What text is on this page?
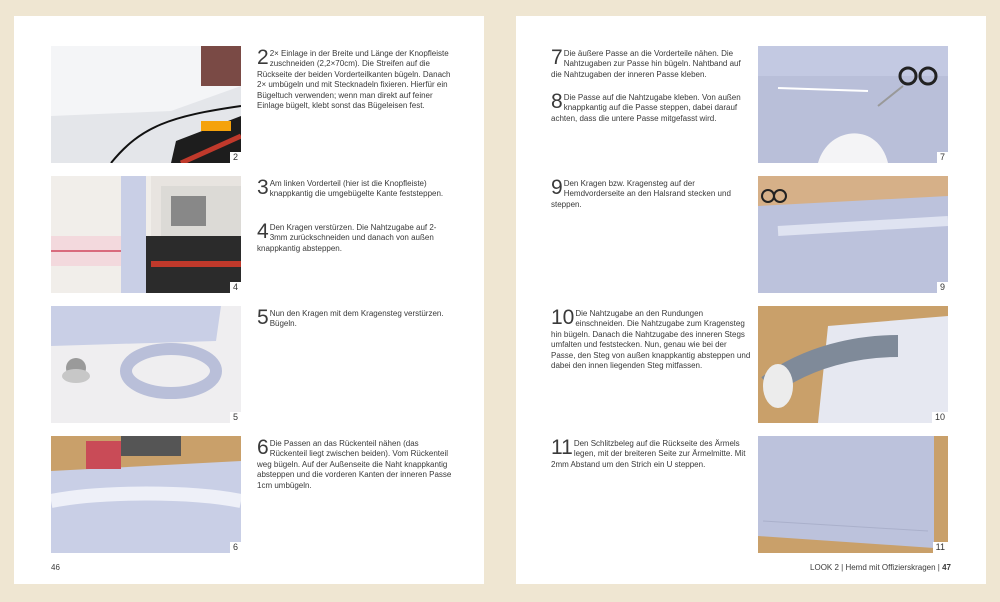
2
2 2× Einlage in der Breite und Länge der Knopfleiste zuschneiden (2,2×70cm). Die Streifen auf die Rückseite der beiden Vorderteilkanten bügeln. Danach 2× umbügeln und mit Stecknadeln fixieren. Hierfür ein Bügeltuch verwenden; wenn man direkt auf feiner Einlage bügelt, klebt sonst das Bügeleisen fest.
4
3 Am linken Vorderteil (hier ist die Knopfleiste) knappkantig die umgebügelte Kante feststeppen.
4 Den Kragen verstürzen. Die Nahtzugabe auf 2-3mm zurückschneiden und danach von außen knappkantig absteppen.
5
5 Nun den Kragen mit dem Kragensteg verstürzen. Bügeln.
6
6 Die Passen an das Rückenteil nähen (das Rückenteil liegt zwischen beiden). Vom Rückenteil weg bügeln. Auf der Außenseite die Naht knappkantig absteppen und die vorderen Kanten der inneren Passe 1cm umbügeln.
46
7 Die äußere Passe an die Vorderteile nähen. Die Nahtzugaben zur Passe hin bügeln. Nahtband auf die Nahtzugaben der inneren Passe kleben.
8 Die Passe auf die Nahtzugabe kleben. Von außen knappkantig auf die Passe steppen, dabei darauf achten, dass die untere Passe mitgefasst wird.
7
9 Den Kragen bzw. Kragensteg auf der Hemdvorderseite an den Halsrand stecken und steppen.
9
10 Die Nahtzugabe an den Rundungen einschneiden. Die Nahtzugabe zum Kragensteg hin bügeln. Danach die Nahtzugabe des inneren Stegs umfalten und feststecken. Nun, genau wie bei der Passe, den Steg von außen knappkantig absteppen und dabei den innen liegenden Steg mitfassen.
10
11 Den Schlitzbeleg auf die Rückseite des Ärmels legen, mit der breiteren Seite zur Ärmelmitte. Mit 2mm Abstand um den Strich ein U steppen.
11
LOOK 2 | Hemd mit Offizierskragen | 47
